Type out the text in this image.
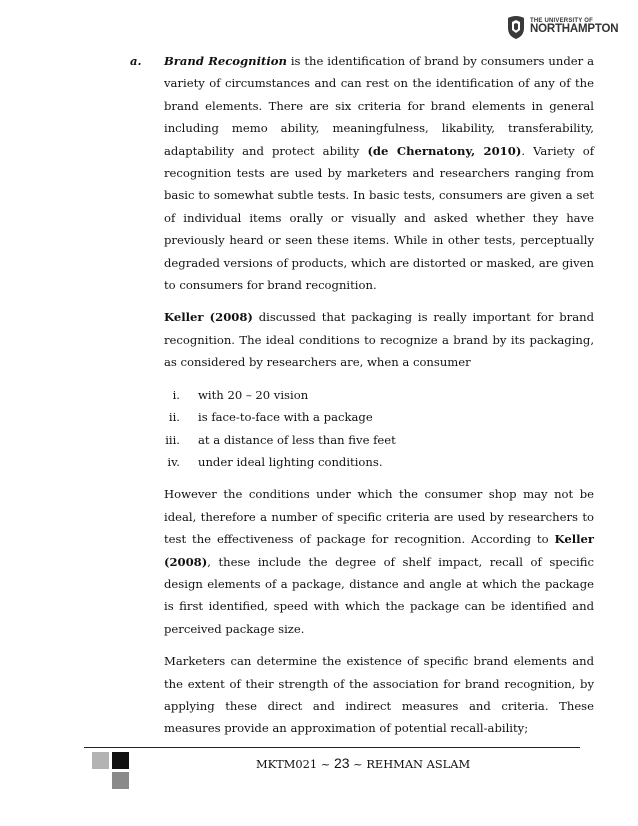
THE UNIVERSITY OF
NORTHAMPTON

a. Brand Recognition is the identification of brand by consumers under a variety of circumstances and can rest on the identification of any of the brand elements. There are six criteria for brand elements in general including memo ability, meaningfulness, likability, transferability, adaptability and protect ability (de Chernatony, 2010). Variety of recognition tests are used by marketers and researchers ranging from basic to somewhat subtle tests. In basic tests, consumers are given a set of individual items orally or visually and asked whether they have previously heard or seen these items. While in other tests, perceptually degraded versions of products, which are distorted or masked, are given to consumers for brand recognition.

Keller (2008) discussed that packaging is really important for brand recognition. The ideal conditions to recognize a brand by its packaging, as considered by researchers are, when a consumer

i. with 20 – 20 vision
ii. is face-to-face with a package
iii. at a distance of less than five feet
iv. under ideal lighting conditions.

However the conditions under which the consumer shop may not be ideal, therefore a number of specific criteria are used by researchers to test the effectiveness of package for recognition. According to Keller (2008), these include the degree of shelf impact, recall of specific design elements of a package, distance and angle at which the package is first identified, speed with which the package can be identified and perceived package size.

Marketers can determine the existence of specific brand elements and the extent of their strength of the association for brand recognition, by applying these direct and indirect measures and criteria. These measures provide an approximation of potential recall-ability;

MKTM021 ~ 23 ~ REHMAN ASLAM
